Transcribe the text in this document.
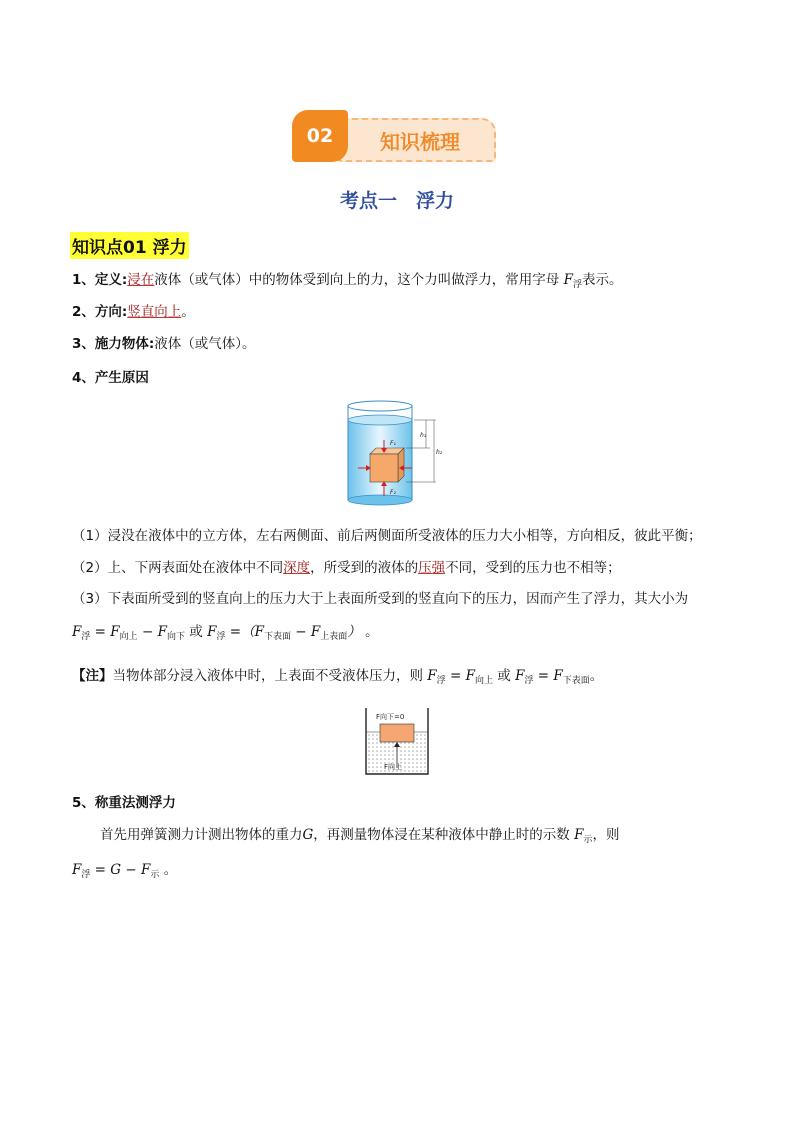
02	知识梳理
考点一　浮力
知识点01 浮力
1、定义:浸在液体（或气体）中的物体受到向上的力，这个力叫做浮力，常用字母 $F_浮$表示。
2、方向:竖直向上。
3、施力物体:液体（或气体）。
4、产生原因
F₁
F₂
h₁
h₂
（1）浸没在液体中的立方体，左右两侧面、前后两侧面所受液体的压力大小相等，方向相反，彼此平衡；
（2）上、下两表面处在液体中不同深度，所受到的液体的压强不同，受到的压力也不相等；
（3）下表面所受到的竖直向上的压力大于上表面所受到的竖直向下的压力，因而产生了浮力，其大小为
$F_浮 = F_{向上} - F_{向下}$ 或 $F_浮 =(F_{下表面} - F_{上表面})$ 。
【注】当物体部分浸入液体中时，上表面不受液体压力，则 $F_浮 = F_{向上}$ 或 $F_浮 = F_{下表面}$。
F向下=0
F向上
5、称重法测浮力
首先用弹簧测力计测出物体的重力G，再测量物体浸在某种液体中静止时的示数 $F_示$，则
$F_浮 = G - F_示$ 。
